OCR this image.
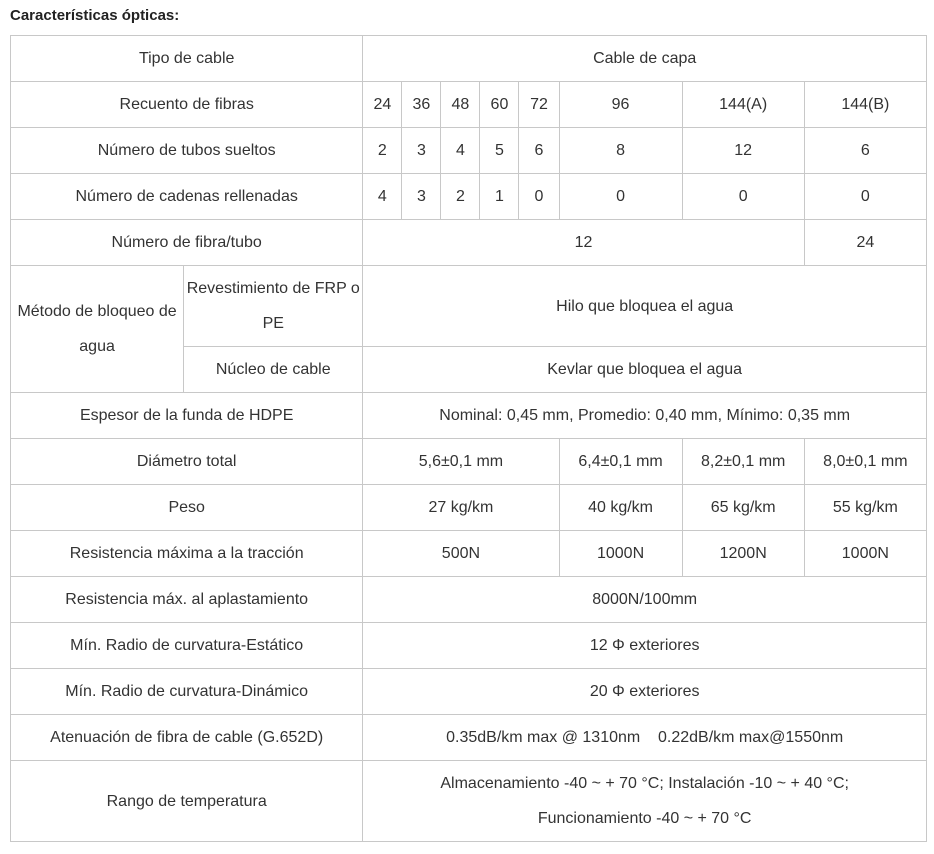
Características ópticas:
Tipo de cable		Cable de capa							
Recuento de fibras		24	36	48	60	72	96	144(A)	144(B)
Número de tubos sueltos		2	3	4	5	6	8	12	6
Número de cadenas rellenadas		4	3	2	1	0	0	0	0
Número de fibra/tubo		12							24
Método de bloqueo de agua	Revestimiento de FRP o PE	Hilo que bloquea el agua							
	Núcleo de cable	Kevlar que bloquea el agua							
Espesor de la funda de HDPE		Nominal: 0,45 mm, Promedio: 0,40 mm, Mínimo: 0,35 mm							
Diámetro total		5,6±0,1 mm					6,4±0,1 mm	8,2±0,1 mm	8,0±0,1 mm
Peso		27 kg/km					40 kg/km	65 kg/km	55 kg/km
Resistencia máxima a la tracción		500N					1000N	1200N	1000N
Resistencia máx. al aplastamiento		8000N/100mm							
Mín. Radio de curvatura-Estático		12 Φ exteriores							
Mín. Radio de curvatura-Dinámico		20 Φ exteriores							
Atenuación de fibra de cable (G.652D)		0.35dB/km max @ 1310nm    0.22dB/km max@1550nm							
Rango de temperatura		Almacenamiento -40 ~ + 70 °C; Instalación -10 ~ + 40 °C;
Funcionamiento -40 ~ + 70 °C							
